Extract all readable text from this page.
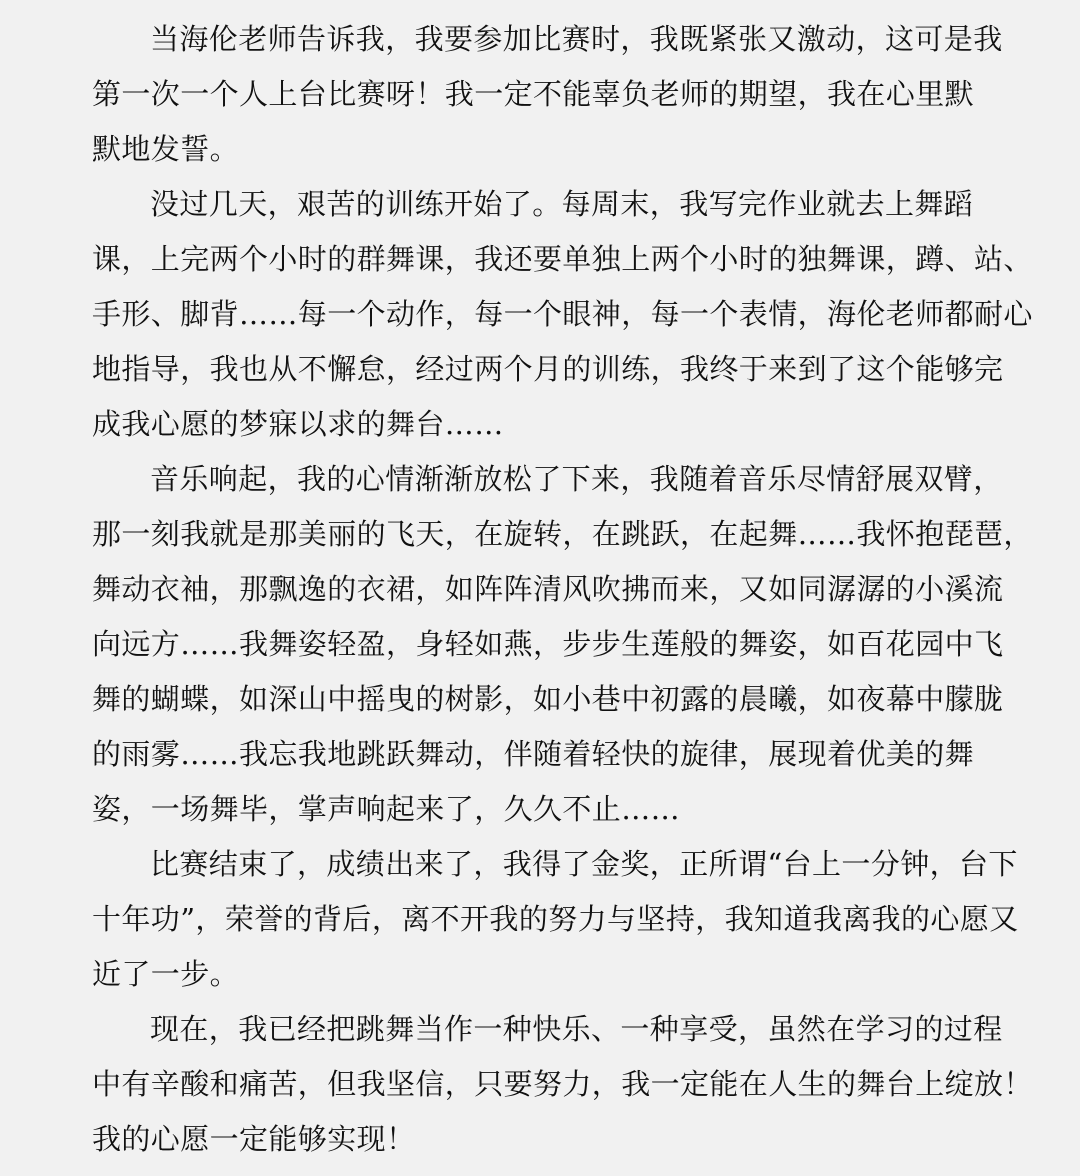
当海伦老师告诉我，我要参加比赛时，我既紧张又激动，这可是我
第一次一个人上台比赛呀！我一定不能辜负老师的期望，我在心里默
默地发誓。
没过几天，艰苦的训练开始了。每周末，我写完作业就去上舞蹈
课，上完两个小时的群舞课，我还要单独上两个小时的独舞课，蹲、站、
手形、脚背……每一个动作，每一个眼神，每一个表情，海伦老师都耐心
地指导，我也从不懈怠，经过两个月的训练，我终于来到了这个能够完
成我心愿的梦寐以求的舞台……
音乐响起，我的心情渐渐放松了下来，我随着音乐尽情舒展双臂，
那一刻我就是那美丽的飞天，在旋转，在跳跃，在起舞……我怀抱琵琶，
舞动衣袖，那飘逸的衣裙，如阵阵清风吹拂而来，又如同潺潺的小溪流
向远方……我舞姿轻盈，身轻如燕，步步生莲般的舞姿，如百花园中飞
舞的蝴蝶，如深山中摇曳的树影，如小巷中初露的晨曦，如夜幕中朦胧
的雨雾……我忘我地跳跃舞动，伴随着轻快的旋律，展现着优美的舞
姿，一场舞毕，掌声响起来了，久久不止……
比赛结束了，成绩出来了，我得了金奖，正所谓“台上一分钟，台下
十年功”，荣誉的背后，离不开我的努力与坚持，我知道我离我的心愿又
近了一步。
现在，我已经把跳舞当作一种快乐、一种享受，虽然在学习的过程
中有辛酸和痛苦，但我坚信，只要努力，我一定能在人生的舞台上绽放！
我的心愿一定能够实现！
